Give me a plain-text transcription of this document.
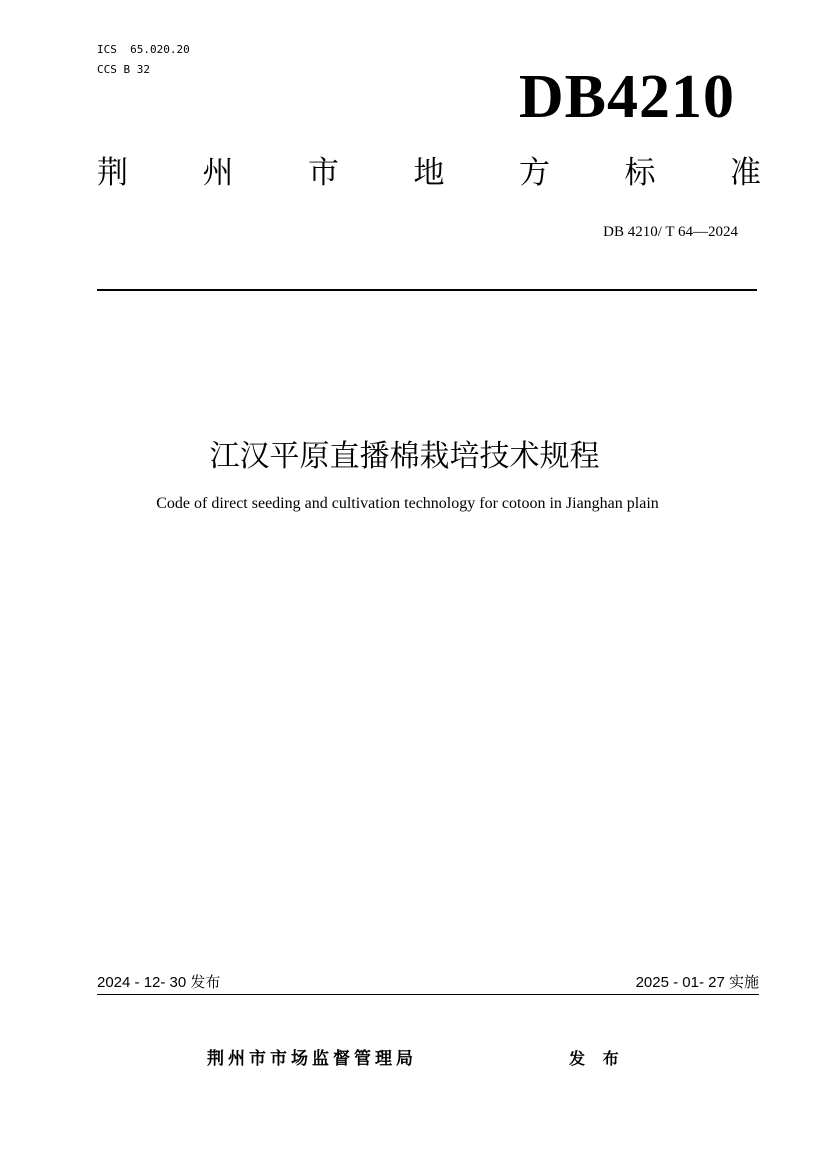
ICS  65.020.20
CCS B 32	DB4210
荆 州 市 地 方 标 准
DB 4210/ T 64—2024
江汉平原直播棉栽培技术规程
Code of direct seeding and cultivation technology for cotoon in Jianghan plain
2024 - 12- 30 发布	2025 - 01- 27 实施
荆州市市场监督管理局	发 布
